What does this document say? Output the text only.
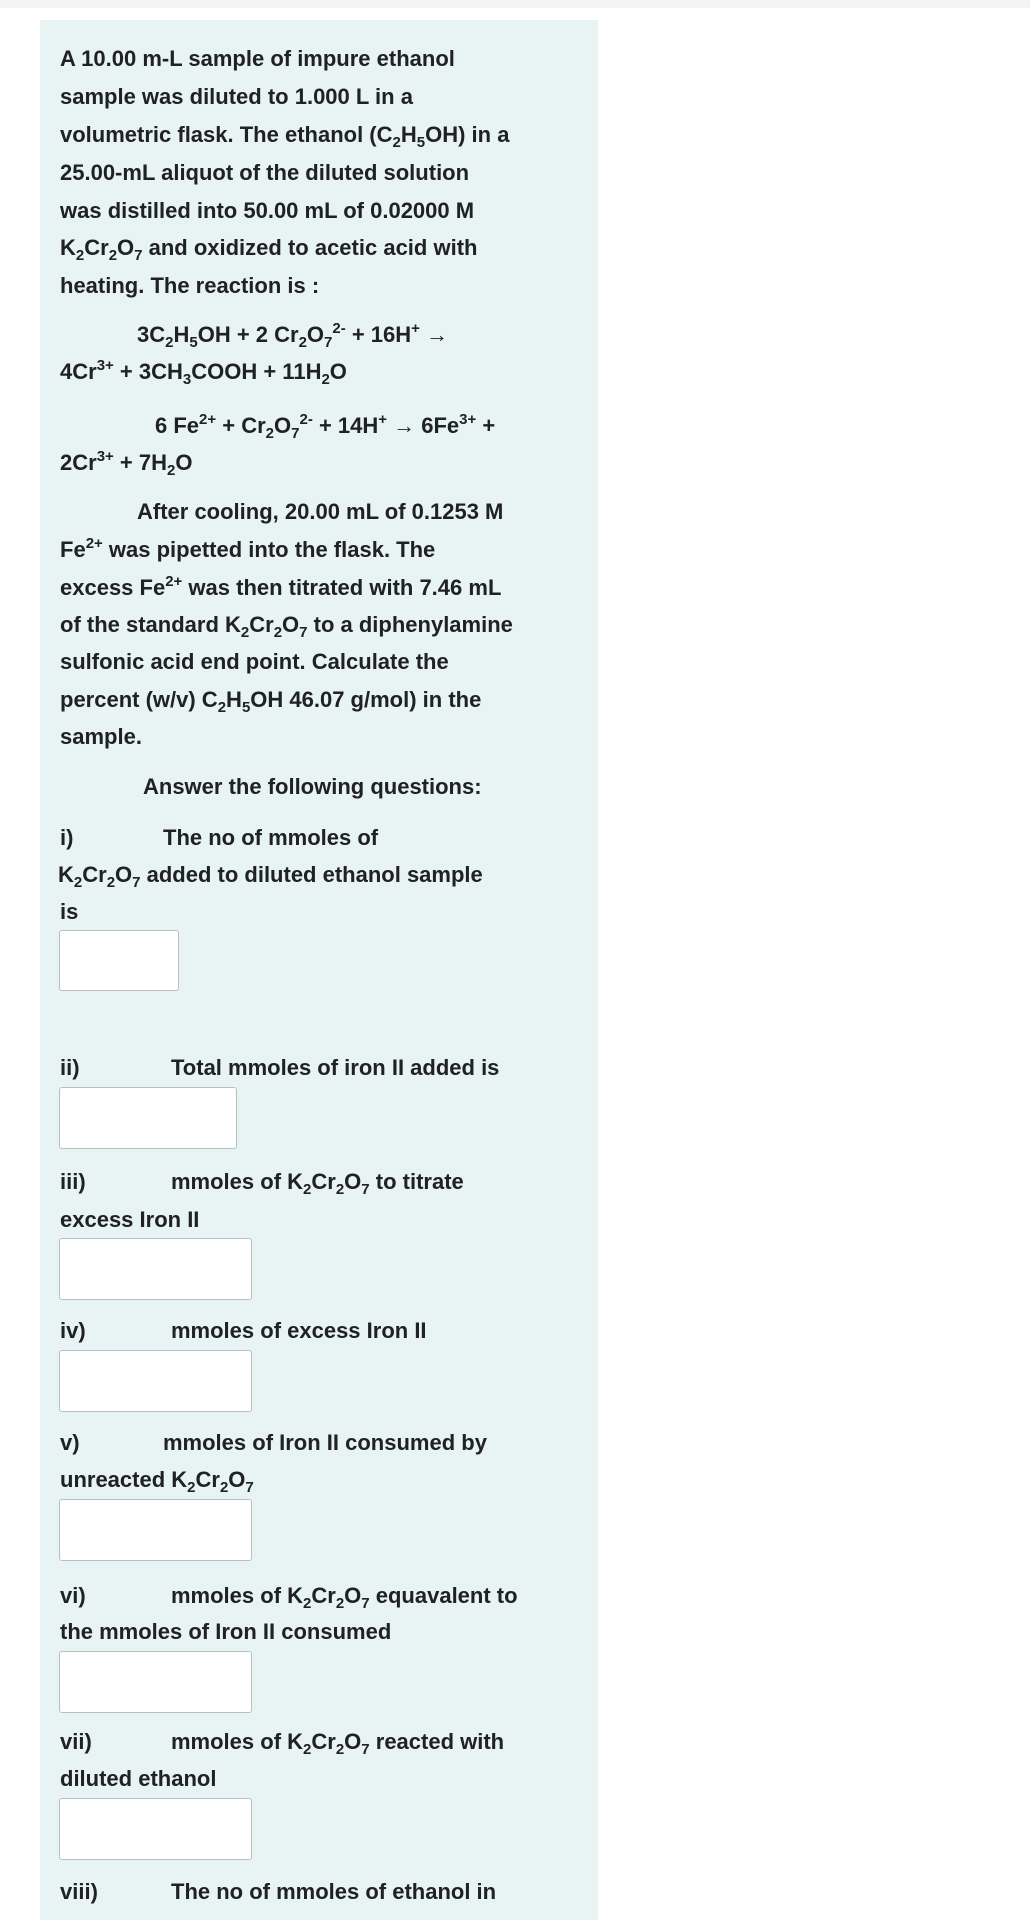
A 10.00 m-L sample of impure ethanol
sample was diluted to 1.000 L in a
volumetric flask. The ethanol $(C_2H_5OH)$ in a
25.00-mL aliquot of the diluted solution
was distilled into 50.00 mL of 0.02000 M
$K_2Cr_2O_7$ and oxidized to acetic acid with
heating. The reaction is :
$3C_2H_5OH + 2$ $Cr_2O_7^{2-} + 16H^+$ →
$4Cr^{3+}$ + $3CH_3COOH + 11H_2O$
6 $Fe^{2+} + Cr_2O_7^{2-} + 14H^+ \to 6Fe^{3+}$ +
$2Cr^{3+} + 7H_2O$
After cooling, 20.00 mL of 0.1253 M
$Fe^{2+}$ was pipetted into the flask. The
excess $Fe^{2+}$ was then titrated with 7.46 mL
of the standard $K_2Cr_2O_7$ to a diphenylamine
sulfonic acid end point. Calculate the
percent (w/v) $C_2H_5OH$ 46.07 g/mol) in the
sample.
Answer the following questions:
i)	The no of mmoles of
$K_2Cr_2O_7$ added to diluted ethanol sample
is
ii)	Total mmoles of iron II added is
iii)	mmoles of $K_2Cr_2O_7$ to titrate
excess Iron II
iv)	mmoles of excess Iron II
v)	mmoles of Iron II consumed by
unreacted $K_2Cr_2O_7$
vi)	mmoles of $K_2Cr_2O_7$ equavalent to
the mmoles of Iron II consumed
vii)	mmoles of $K_2Cr_2O_7$ reacted with
diluted ethanol
viii)	The no of mmoles of ethanol in
